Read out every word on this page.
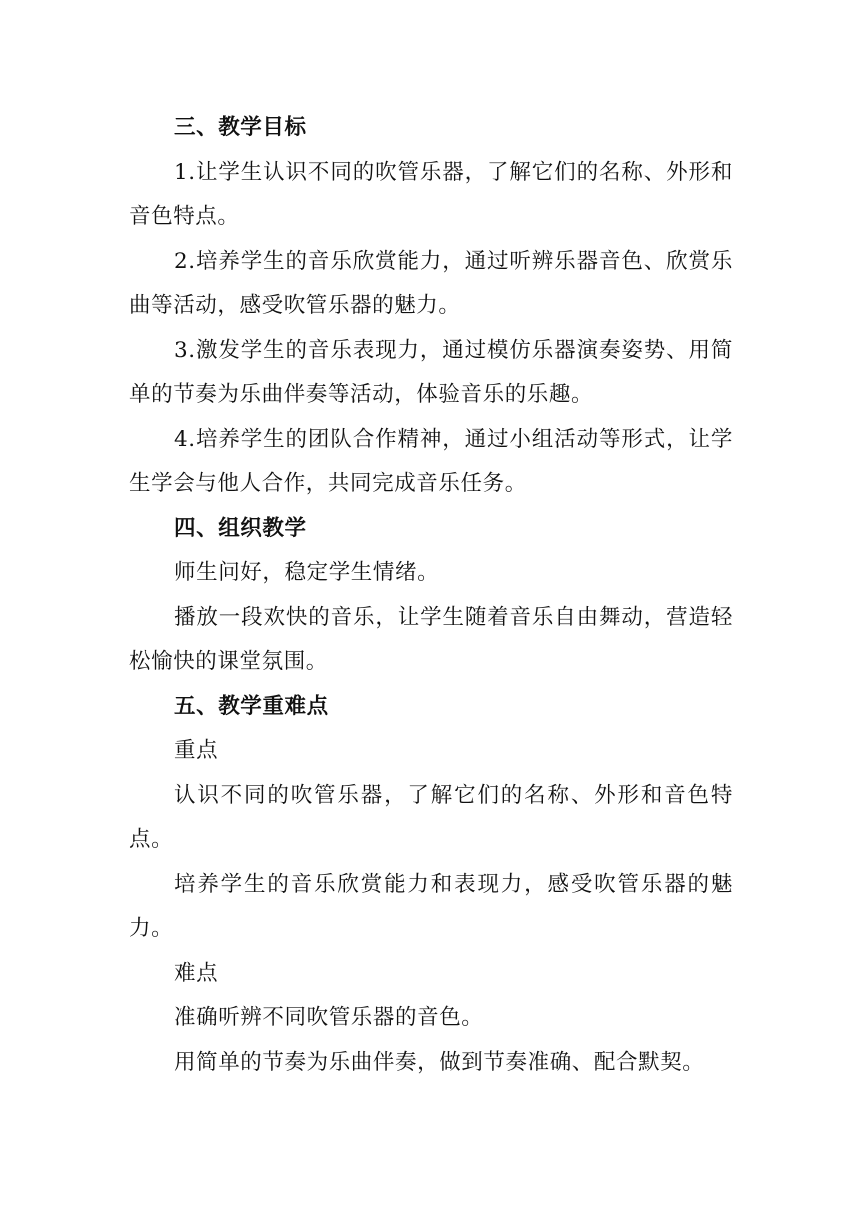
三、教学目标

1.让学生认识不同的吹管乐器，了解它们的名称、外形和音色特点。

2.培养学生的音乐欣赏能力，通过听辨乐器音色、欣赏乐曲等活动，感受吹管乐器的魅力。

3.激发学生的音乐表现力，通过模仿乐器演奏姿势、用简单的节奏为乐曲伴奏等活动，体验音乐的乐趣。

4.培养学生的团队合作精神，通过小组活动等形式，让学生学会与他人合作，共同完成音乐任务。

四、组织教学

师生问好，稳定学生情绪。

播放一段欢快的音乐，让学生随着音乐自由舞动，营造轻松愉快的课堂氛围。

五、教学重难点

重点

认识不同的吹管乐器，了解它们的名称、外形和音色特点。

培养学生的音乐欣赏能力和表现力，感受吹管乐器的魅力。

难点

准确听辨不同吹管乐器的音色。

用简单的节奏为乐曲伴奏，做到节奏准确、配合默契。
